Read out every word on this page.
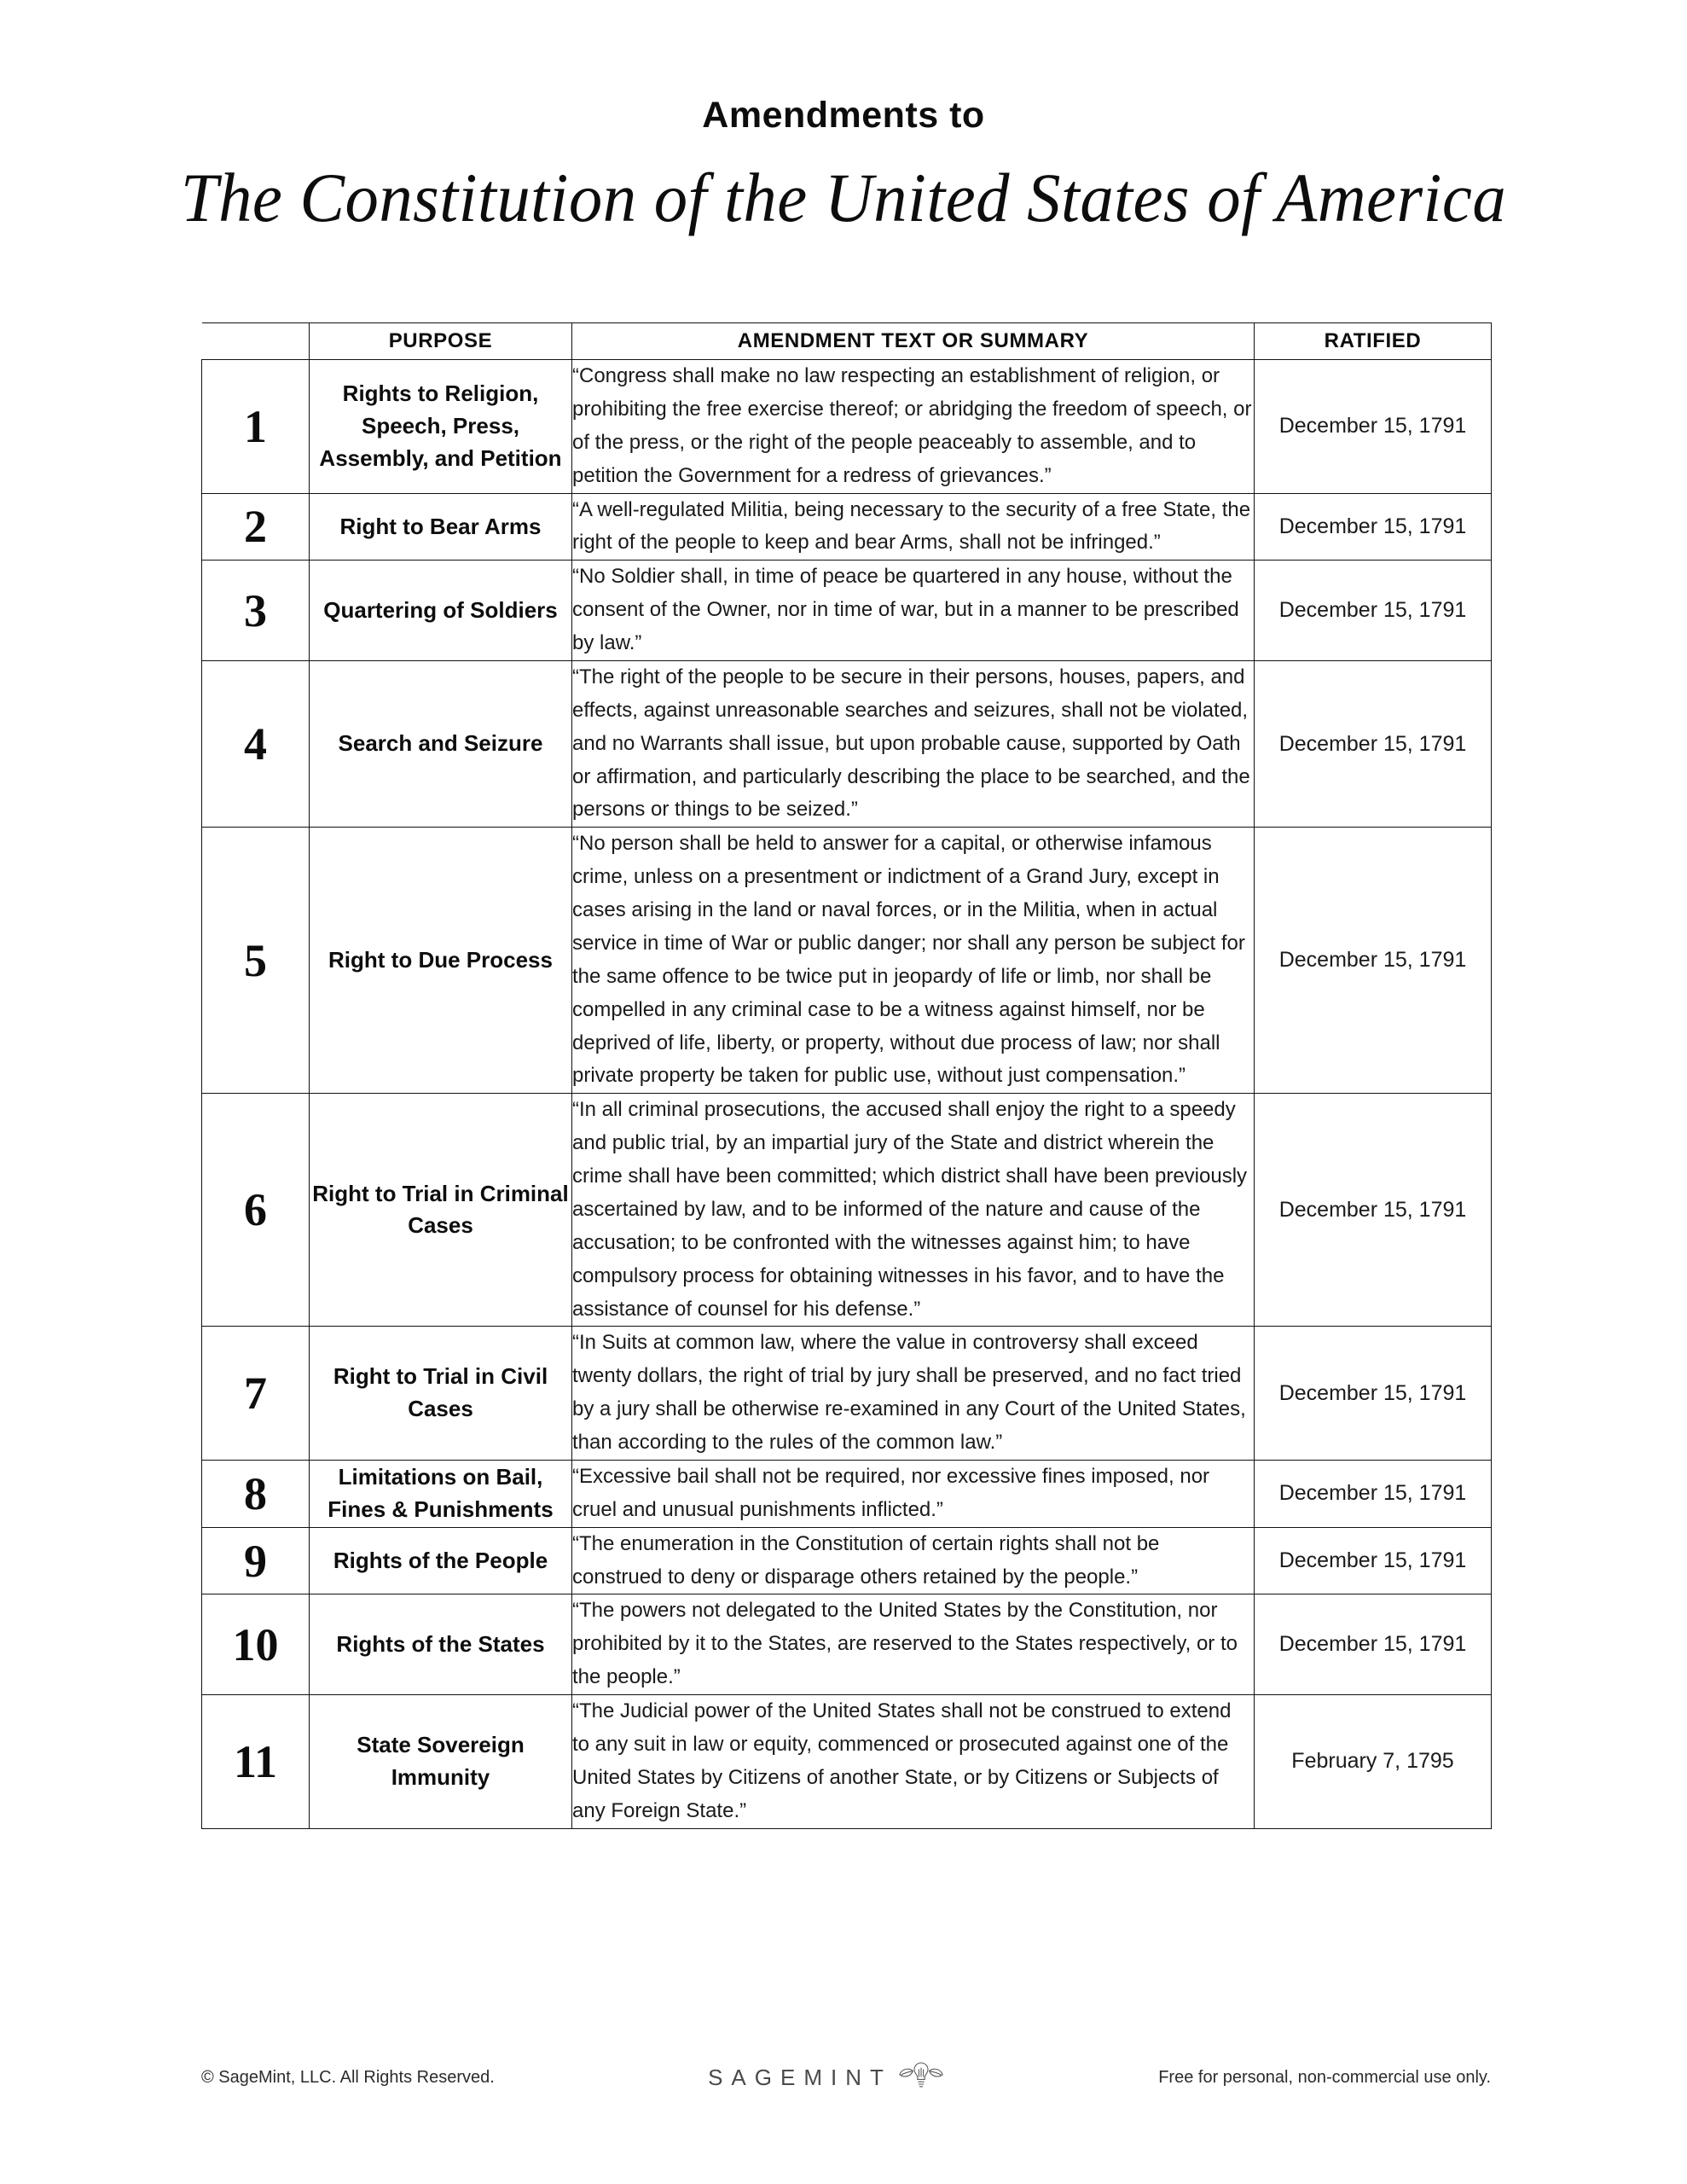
Amendments to
The Constitution of the United States of America
	PURPOSE	AMENDMENT TEXT OR SUMMARY	RATIFIED
1	Rights to Religion, Speech, Press, Assembly, and Petition	“Congress shall make no law respecting an establishment of religion, or prohibiting the free exercise thereof; or abridging the freedom of speech, or of the press, or the right of the people peaceably to assemble, and to petition the Government for a redress of grievances.”	December 15, 1791
2	Right to Bear Arms	“A well-regulated Militia, being necessary to the security of a free State, the right of the people to keep and bear Arms, shall not be infringed.”	December 15, 1791
3	Quartering of Soldiers	“No Soldier shall, in time of peace be quartered in any house, without the consent of the Owner, nor in time of war, but in a manner to be prescribed by law.”	December 15, 1791
4	Search and Seizure	“The right of the people to be secure in their persons, houses, papers, and effects, against unreasonable searches and seizures, shall not be violated, and no Warrants shall issue, but upon probable cause, supported by Oath or affirmation, and particularly describing the place to be searched, and the persons or things to be seized.”	December 15, 1791
5	Right to Due Process	“No person shall be held to answer for a capital, or otherwise infamous crime, unless on a presentment or indictment of a Grand Jury, except in cases arising in the land or naval forces, or in the Militia, when in actual service in time of War or public danger; nor shall any person be subject for the same offence to be twice put in jeopardy of life or limb, nor shall be compelled in any criminal case to be a witness against himself, nor be deprived of life, liberty, or property, without due process of law; nor shall private property be taken for public use, without just compensation.”	December 15, 1791
6	Right to Trial in Criminal Cases	“In all criminal prosecutions, the accused shall enjoy the right to a speedy and public trial, by an impartial jury of the State and district wherein the crime shall have been committed; which district shall have been previously ascertained by law, and to be informed of the nature and cause of the accusation; to be confronted with the witnesses against him; to have compulsory process for obtaining witnesses in his favor, and to have the assistance of counsel for his defense.”	December 15, 1791
7	Right to Trial in Civil Cases	“In Suits at common law, where the value in controversy shall exceed twenty dollars, the right of trial by jury shall be preserved, and no fact tried by a jury shall be otherwise re-examined in any Court of the United States, than according to the rules of the common law.”	December 15, 1791
8	Limitations on Bail, Fines & Punishments	“Excessive bail shall not be required, nor excessive fines imposed, nor cruel and unusual punishments inflicted.”	December 15, 1791
9	Rights of the People	“The enumeration in the Constitution of certain rights shall not be construed to deny or disparage others retained by the people.”	December 15, 1791
10	Rights of the States	“The powers not delegated to the United States by the Constitution, nor prohibited by it to the States, are reserved to the States respectively, or to the people.”	December 15, 1791
11	State Sovereign Immunity	“The Judicial power of the United States shall not be construed to extend to any suit in law or equity, commenced or prosecuted against one of the United States by Citizens of another State, or by Citizens or Subjects of any Foreign State.”	February 7, 1795
© SageMint, LLC. All Rights Reserved.	SAGEMINT	Free for personal, non-commercial use only.
